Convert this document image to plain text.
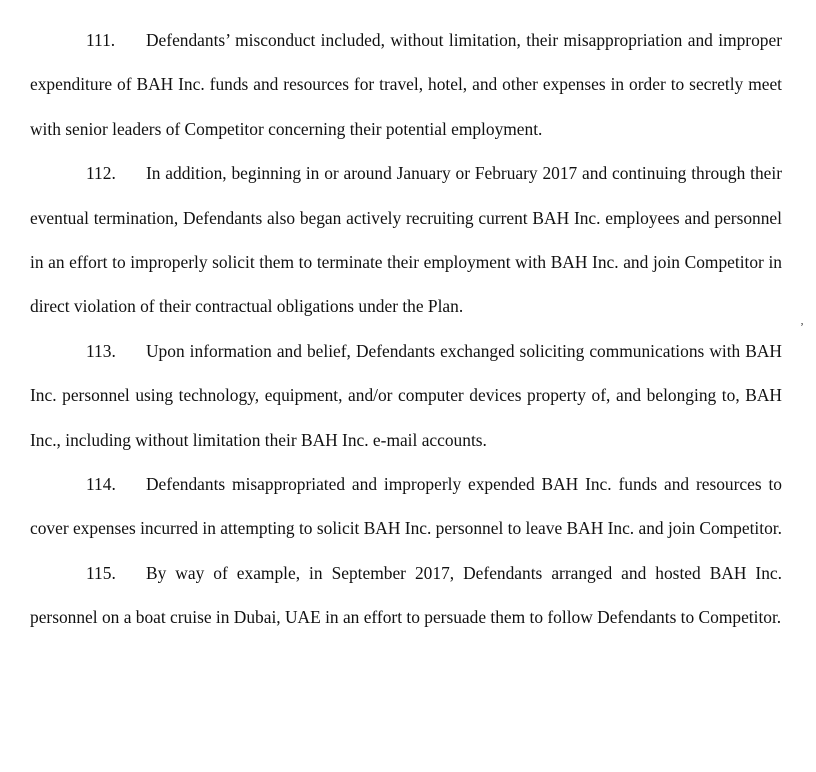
111. Defendants’ misconduct included, without limitation, their misappropriation and improper expenditure of BAH Inc. funds and resources for travel, hotel, and other expenses in order to secretly meet with senior leaders of Competitor concerning their potential employment.

112. In addition, beginning in or around January or February 2017 and continuing through their eventual termination, Defendants also began actively recruiting current BAH Inc. employees and personnel in an effort to improperly solicit them to terminate their employment with BAH Inc. and join Competitor in direct violation of their contractual obligations under the Plan.

113. Upon information and belief, Defendants exchanged soliciting communications with BAH Inc. personnel using technology, equipment, and/or computer devices property of, and belonging to, BAH Inc., including without limitation their BAH Inc. e-mail accounts.

114. Defendants misappropriated and improperly expended BAH Inc. funds and resources to cover expenses incurred in attempting to solicit BAH Inc. personnel to leave BAH Inc. and join Competitor.

115. By way of example, in September 2017, Defendants arranged and hosted BAH Inc. personnel on a boat cruise in Dubai, UAE in an effort to persuade them to follow Defendants to Competitor.

ʼ
